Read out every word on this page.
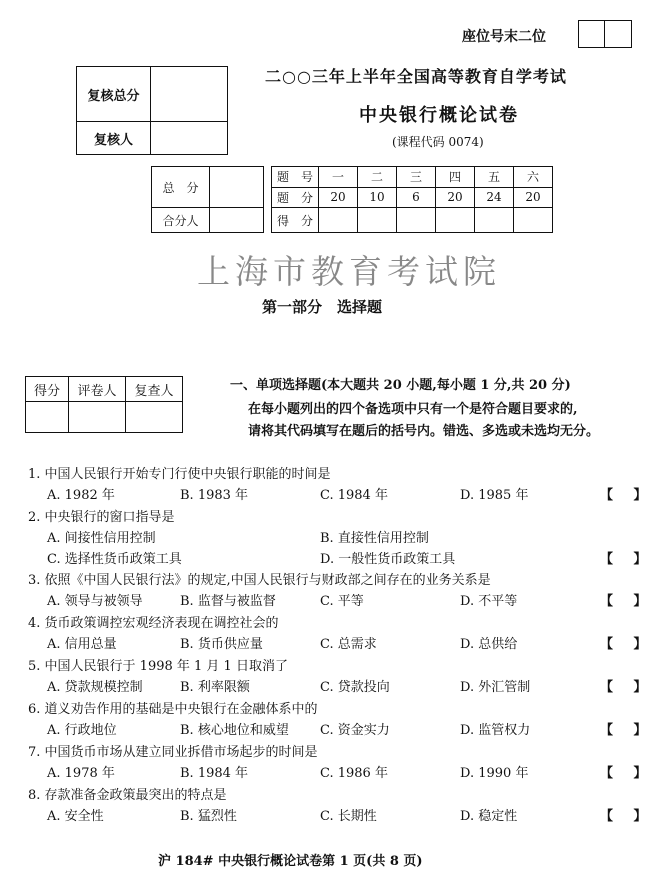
座位号末二位
复核总分	
复核人	
二○○三年上半年全国高等教育自学考试
中央银行概论试卷
(课程代码 0074)
总　分			题　号	一	二	三	四	五	六
			题　分	20	10	6	20	24	20
合分人			得　分						
上海市教育考试院
第一部分　选择题
得分	评卷人	复查人
			一、单项选择题(本大题共 20 小题,每小题 1 分,共 20 分)
在每小题列出的四个备选项中只有一个是符合题目要求的,
请将其代码填写在题后的括号内。错选、多选或未选均无分。
1. 中国人民银行开始专门行使中央银行职能的时间是
A. 1982 年	B. 1983 年	C. 1984 年	D. 1985 年	【 】
2. 中央银行的窗口指导是
A. 间接性信用控制	B. 直接性信用控制
C. 选择性货币政策工具	D. 一般性货币政策工具	【 】
3. 依照《中国人民银行法》的规定,中国人民银行与财政部之间存在的业务关系是
A. 领导与被领导	B. 监督与被监督	C. 平等	D. 不平等	【 】
4. 货币政策调控宏观经济表现在调控社会的
A. 信用总量	B. 货币供应量	C. 总需求	D. 总供给	【 】
5. 中国人民银行于 1998 年 1 月 1 日取消了
A. 贷款规模控制	B. 利率限额	C. 贷款投向	D. 外汇管制	【 】
6. 道义劝告作用的基础是中央银行在金融体系中的
A. 行政地位	B. 核心地位和威望 C. 资金实力	D. 监管权力	【 】
7. 中国货币市场从建立同业拆借市场起步的时间是
A. 1978 年	B. 1984 年	C. 1986 年	D. 1990 年	【 】
8. 存款准备金政策最突出的特点是
A. 安全性	B. 猛烈性	C. 长期性	D. 稳定性	【 】
沪 184# 中央银行概论试卷第 1 页(共 8 页)
